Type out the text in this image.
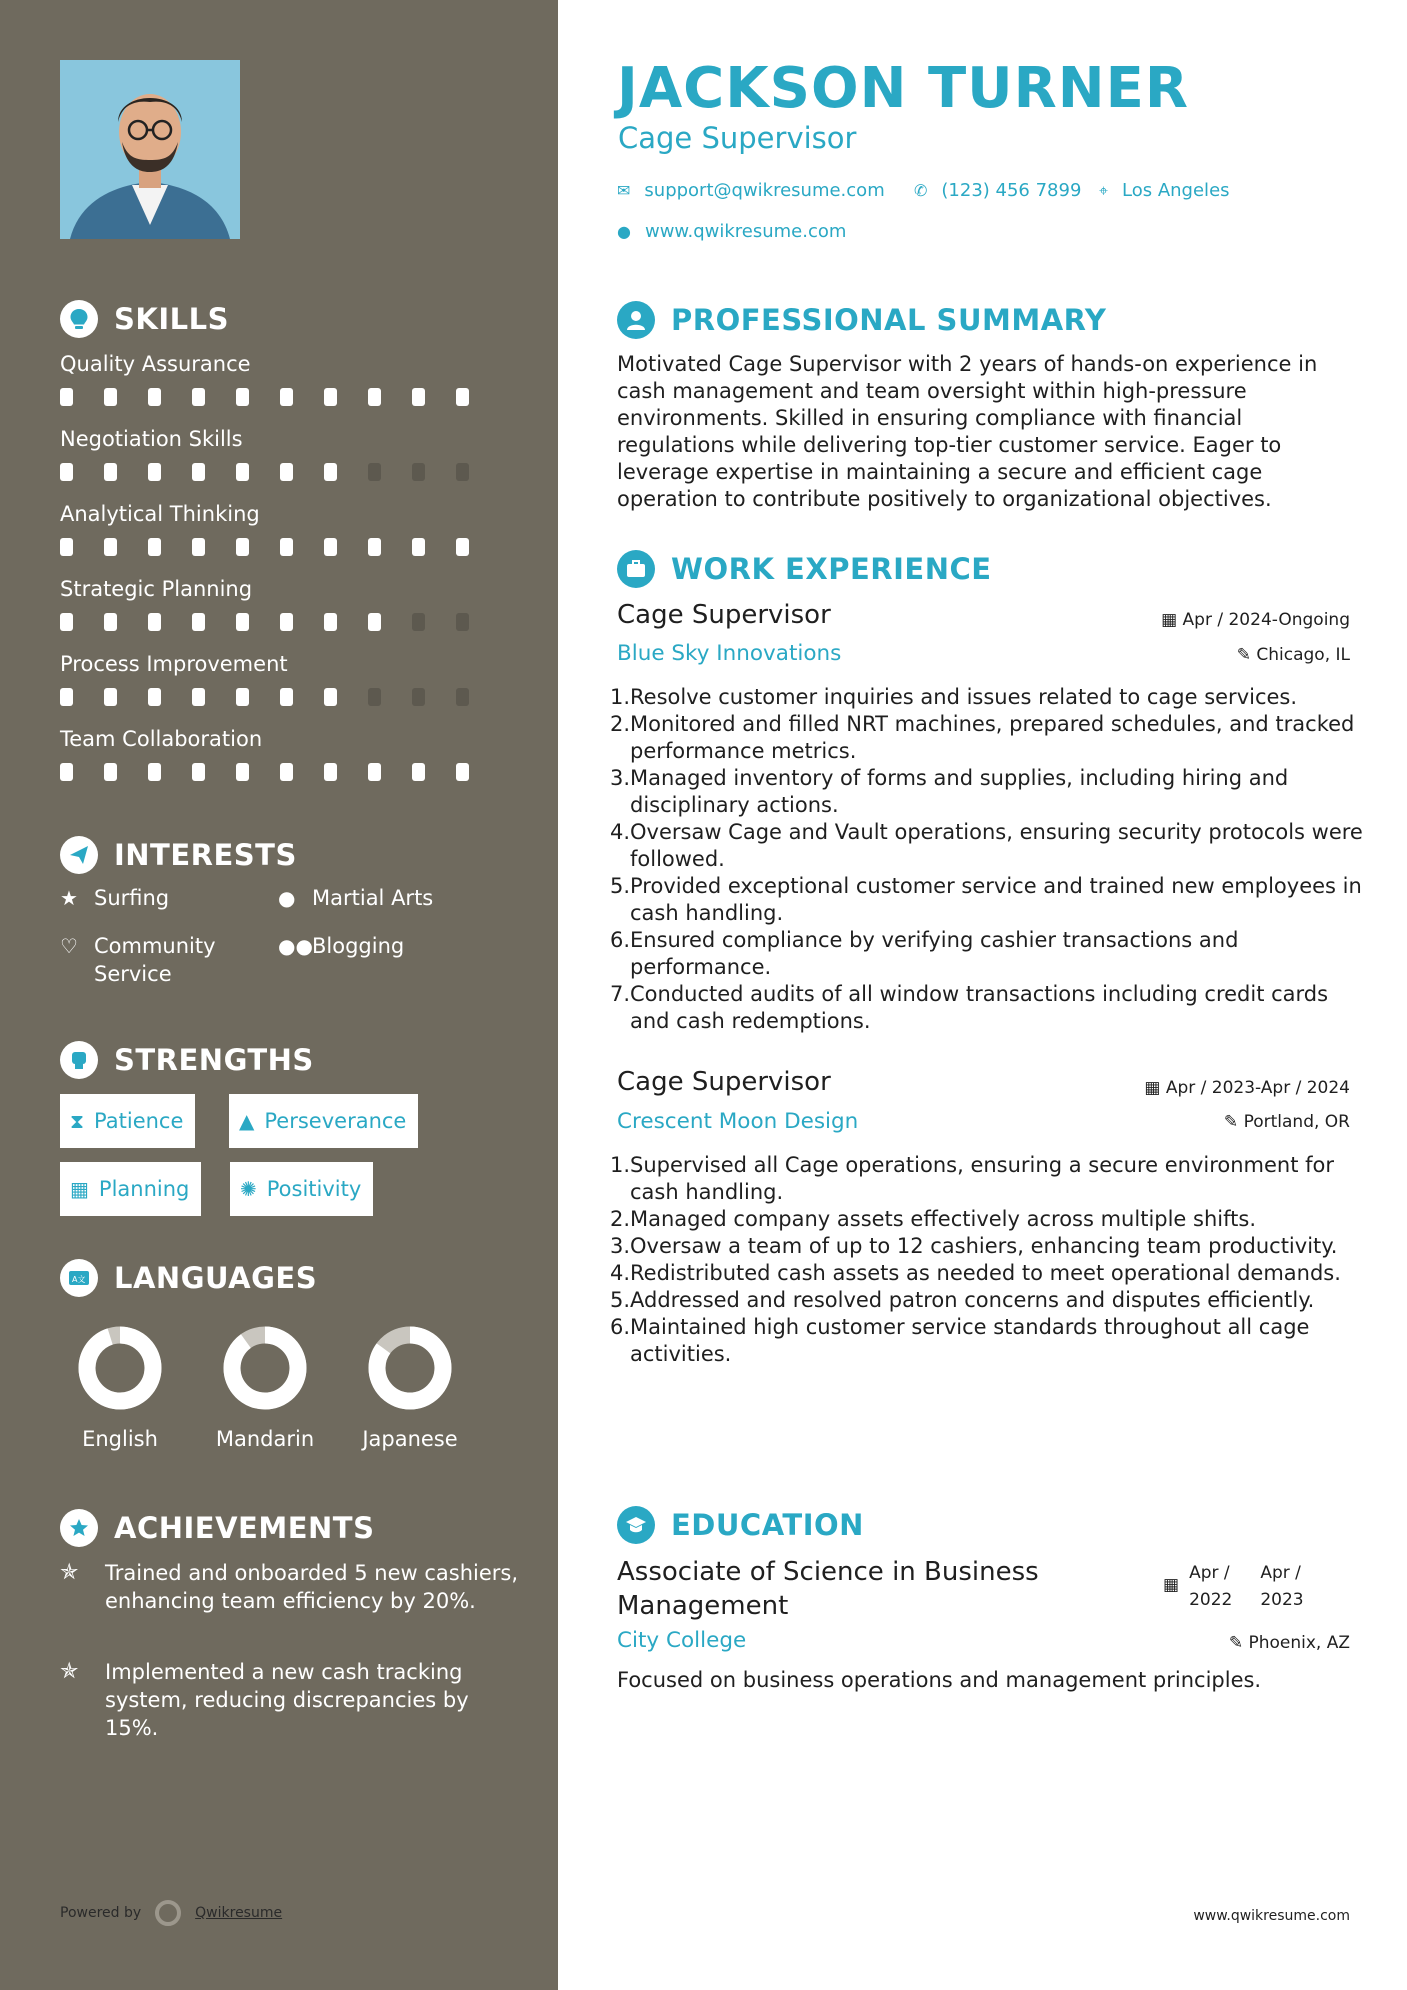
SKILLS
Quality Assurance
Negotiation Skills
Analytical Thinking
Strategic Planning
Process Improvement
Team Collaboration
INTERESTS
★ Surfing	● Martial Arts
♡ Community Service
●● Blogging
STRENGTHS
⧗ Patience	▲ Perseverance
▦ Planning	✺ Positivity
A文 LANGUAGES
English	Mandarin	Japanese
ACHIEVEMENTS
✯	Trained and onboarded 5 new cashiers, enhancing team efficiency by 20%.
✯	Implemented a new cash tracking system, reducing discrepancies by 15%.
Powered by	Qwikresume
JACKSON TURNER
Cage Supervisor
✉ support@qwikresume.com ✆ (123) 456 7899 ⌖ Los Angeles
● www.qwikresume.com
PROFESSIONAL SUMMARY
Motivated Cage Supervisor with 2 years of hands-on experience in cash management and team oversight within high-pressure environments. Skilled in ensuring compliance with financial regulations while delivering top-tier customer service. Eager to leverage expertise in maintaining a secure and efficient cage operation to contribute positively to organizational objectives.
WORK EXPERIENCE
Cage Supervisor	▦ Apr / 2024-Ongoing
Blue Sky Innovations	✎ Chicago, IL
1. Resolve customer inquiries and issues related to cage services.
2. Monitored and filled NRT machines, prepared schedules, and tracked performance metrics.
3. Managed inventory of forms and supplies, including hiring and disciplinary actions.
4. Oversaw Cage and Vault operations, ensuring security protocols were followed.
5. Provided exceptional customer service and trained new employees in cash handling.
6. Ensured compliance by verifying cashier transactions and performance.
7. Conducted audits of all window transactions including credit cards and cash redemptions.
Cage Supervisor	▦ Apr / 2023-Apr / 2024
Crescent Moon Design	✎ Portland, OR
1. Supervised all Cage operations, ensuring a secure environment for cash handling.
2. Managed company assets effectively across multiple shifts.
3. Oversaw a team of up to 12 cashiers, enhancing team productivity.
4. Redistributed cash assets as needed to meet operational demands.
5. Addressed and resolved patron concerns and disputes efficiently.
6. Maintained high customer service standards throughout all cage activities.
EDUCATION
Associate of Science in Business Management
▦
Apr /
2022
Apr /
2023
City College	✎ Phoenix, AZ
Focused on business operations and management principles.
www.qwikresume.com
